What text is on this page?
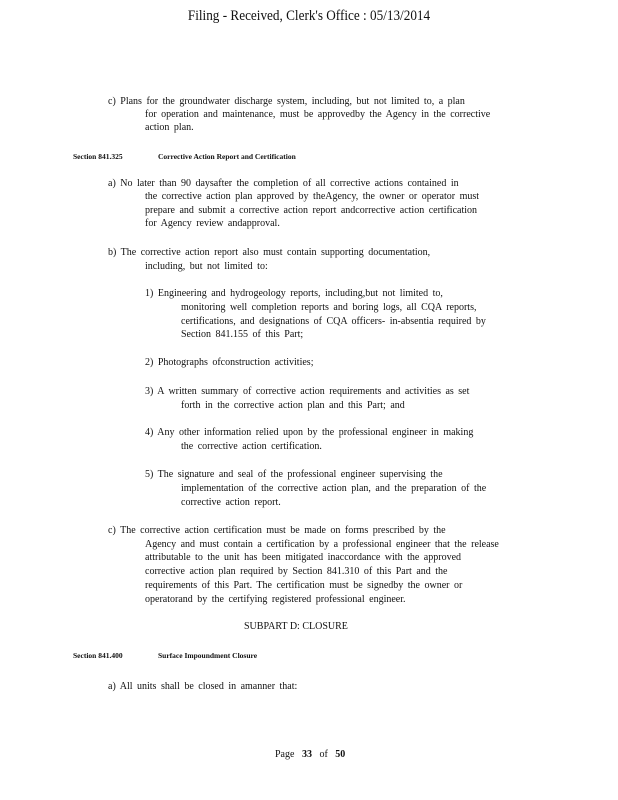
Filing - Received, Clerk's Office : 05/13/2014
c) Plans for the groundwater discharge system, including, but not limited to, a plan
for operation and maintenance, must be approvedby the Agency in the corrective
action plan.
Section 841.325	Corrective Action Report and Certification
a) No later than 90 daysafter the completion of all corrective actions contained in
the corrective action plan approved by theAgency, the owner or operator must
prepare and submit a corrective action report andcorrective action certification
for Agency review andapproval.
b) The corrective action report also must contain supporting documentation,
including, but not limited to:
1) Engineering and hydrogeology reports, including,but not limited to,
monitoring well completion reports and boring logs, all CQA reports,
certifications, and designations of CQA officers- in-absentia required by
Section 841.155 of this Part;
2) Photographs ofconstruction activities;
3) A written summary of corrective action requirements and activities as set
forth in the corrective action plan and this Part; and
4) Any other information relied upon by the professional engineer in making
the corrective action certification.
5) The signature and seal of the professional engineer supervising the
implementation of the corrective action plan, and the preparation of the
corrective action report.
c) The corrective action certification must be made on forms prescribed by the
Agency and must contain a certification by a professional engineer that the release
attributable to the unit has been mitigated inaccordance with the approved
corrective action plan required by Section 841.310 of this Part and the
requirements of this Part. The certification must be signedby the owner or
operatorand by the certifying registered professional engineer.
SUBPART D: CLOSURE
Section 841.400	Surface Impoundment Closure
a) All units shall be closed in amanner that:
Page 33 of 50
